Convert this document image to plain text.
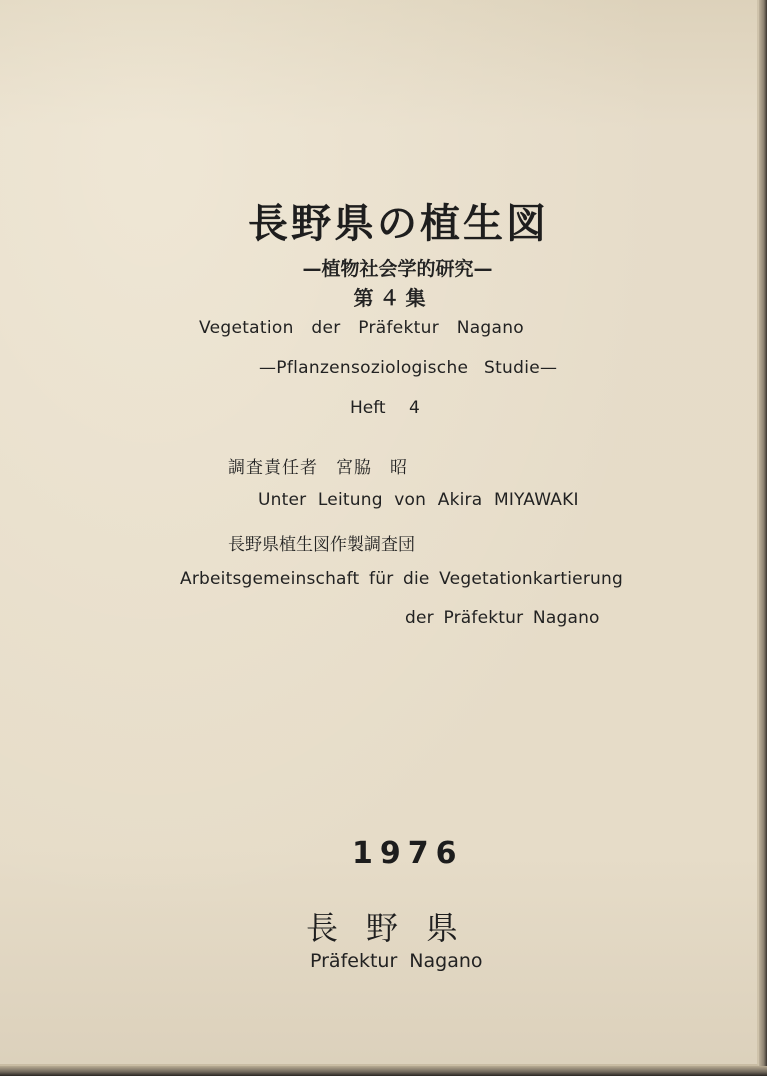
長野県の植生図
—植物社会学的研究—
第４集
Vegetation der Präfektur Nagano
—Pflanzensoziologische Studie—
Heft 4
調査責任者　宮脇　昭
Unter Leitung von Akira MIYAWAKI
長野県植生図作製調査団
Arbeitsgemeinschaft für die Vegetationkartierung
der Präfektur Nagano
1976
長野県
Präfektur Nagano
